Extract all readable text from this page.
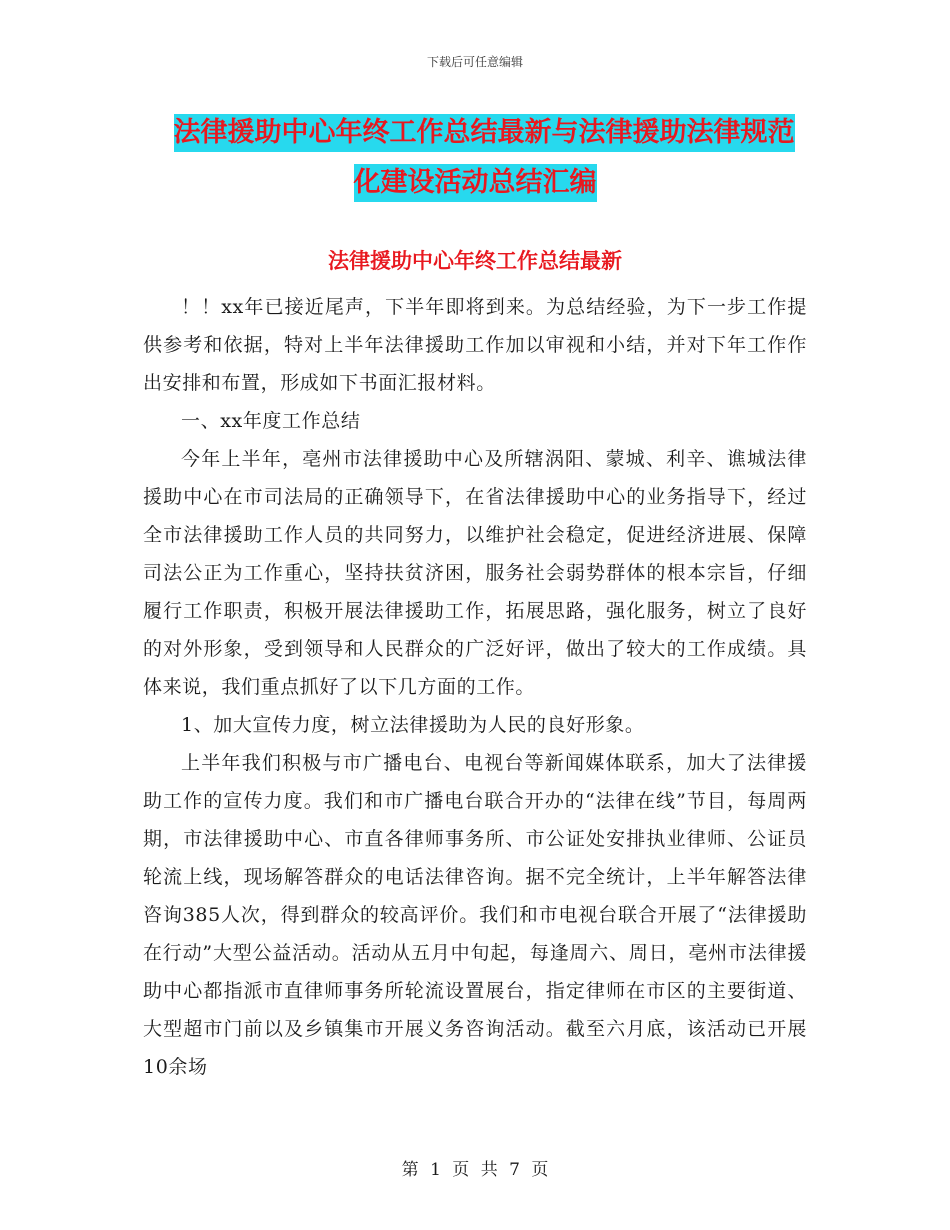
下载后可任意编辑
法律援助中心年终工作总结最新与法律援助法律规范
化建设活动总结汇编
法律援助中心年终工作总结最新

！！xx年已接近尾声，下半年即将到来。为总结经验，为下一步工作提供参考和依据，特对上半年法律援助工作加以审视和小结，并对下年工作作出安排和布置，形成如下书面汇报材料。

一、xx年度工作总结

今年上半年，亳州市法律援助中心及所辖涡阳、蒙城、利辛、谯城法律援助中心在市司法局的正确领导下，在省法律援助中心的业务指导下，经过全市法律援助工作人员的共同努力，以维护社会稳定，促进经济进展、保障司法公正为工作重心，坚持扶贫济困，服务社会弱势群体的根本宗旨，仔细履行工作职责，积极开展法律援助工作，拓展思路，强化服务，树立了良好的对外形象，受到领导和人民群众的广泛好评，做出了较大的工作成绩。具体来说，我们重点抓好了以下几方面的工作。

1、加大宣传力度，树立法律援助为人民的良好形象。

上半年我们积极与市广播电台、电视台等新闻媒体联系，加大了法律援助工作的宣传力度。我们和市广播电台联合开办的“法律在线”节目，每周两期，市法律援助中心、市直各律师事务所、市公证处安排执业律师、公证员轮流上线，现场解答群众的电话法律咨询。据不完全统计，上半年解答法律咨询385人次，得到群众的较高评价。我们和市电视台联合开展了“法律援助在行动”大型公益活动。活动从五月中旬起，每逢周六、周日，亳州市法律援助中心都指派市直律师事务所轮流设置展台，指定律师在市区的主要街道、大型超市门前以及乡镇集市开展义务咨询活动。截至六月底，该活动已开展10余场

第 1 页 共 7 页
